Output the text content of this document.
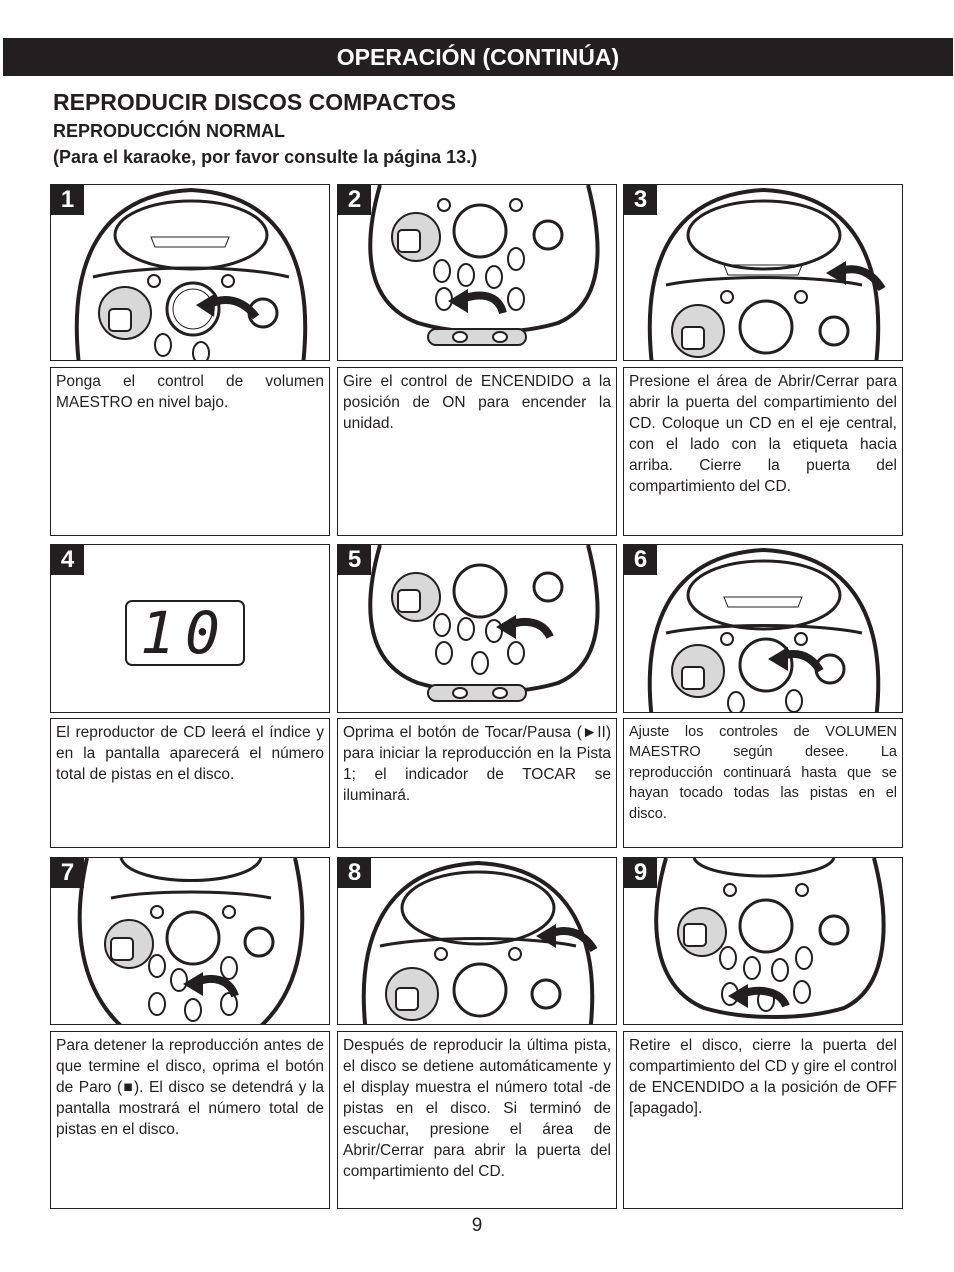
OPERACIÓN (CONTINÚA)
REPRODUCIR DISCOS COMPACTOS
REPRODUCCIÓN NORMAL
(Para el karaoke, por favor consulte la página 13.)
1	2	3
Ponga el control de volumen MAESTRO en nivel bajo.
Gire el control de ENCENDIDO a la posición de ON para encender la unidad.
Presione el área de Abrir/Cerrar para abrir la puerta del compartimiento del CD. Coloque un CD en el eje central, con el lado con la etiqueta hacia arriba. Cierre la puerta del compartimiento del CD.
4
10
5	6
El reproductor de CD leerá el índice y en la pantalla aparecerá el número total de pistas en el disco.
Oprima el botón de Tocar/Pausa (►II) para iniciar la reproducción en la Pista 1; el indicador de TOCAR se iluminará.
Ajuste los controles de VOLUMEN MAESTRO según desee. La reproducción continuará hasta que se hayan tocado todas las pistas en el disco.
7	8	9
Para detener la reproducción antes de que termine el disco, oprima el botón de Paro (■). El disco se detendrá y la pantalla mostrará el número total de pistas en el disco.
Después de reproducir la última pista, el disco se detiene automáticamente y el display muestra el número total -de pistas en el disco. Si terminó de escuchar, presione el área de Abrir/Cerrar para abrir la puerta del compartimiento del CD.
Retire el disco, cierre la puerta del compartimiento del CD y gire el control de ENCENDIDO a la posición de OFF [apagado].
9
